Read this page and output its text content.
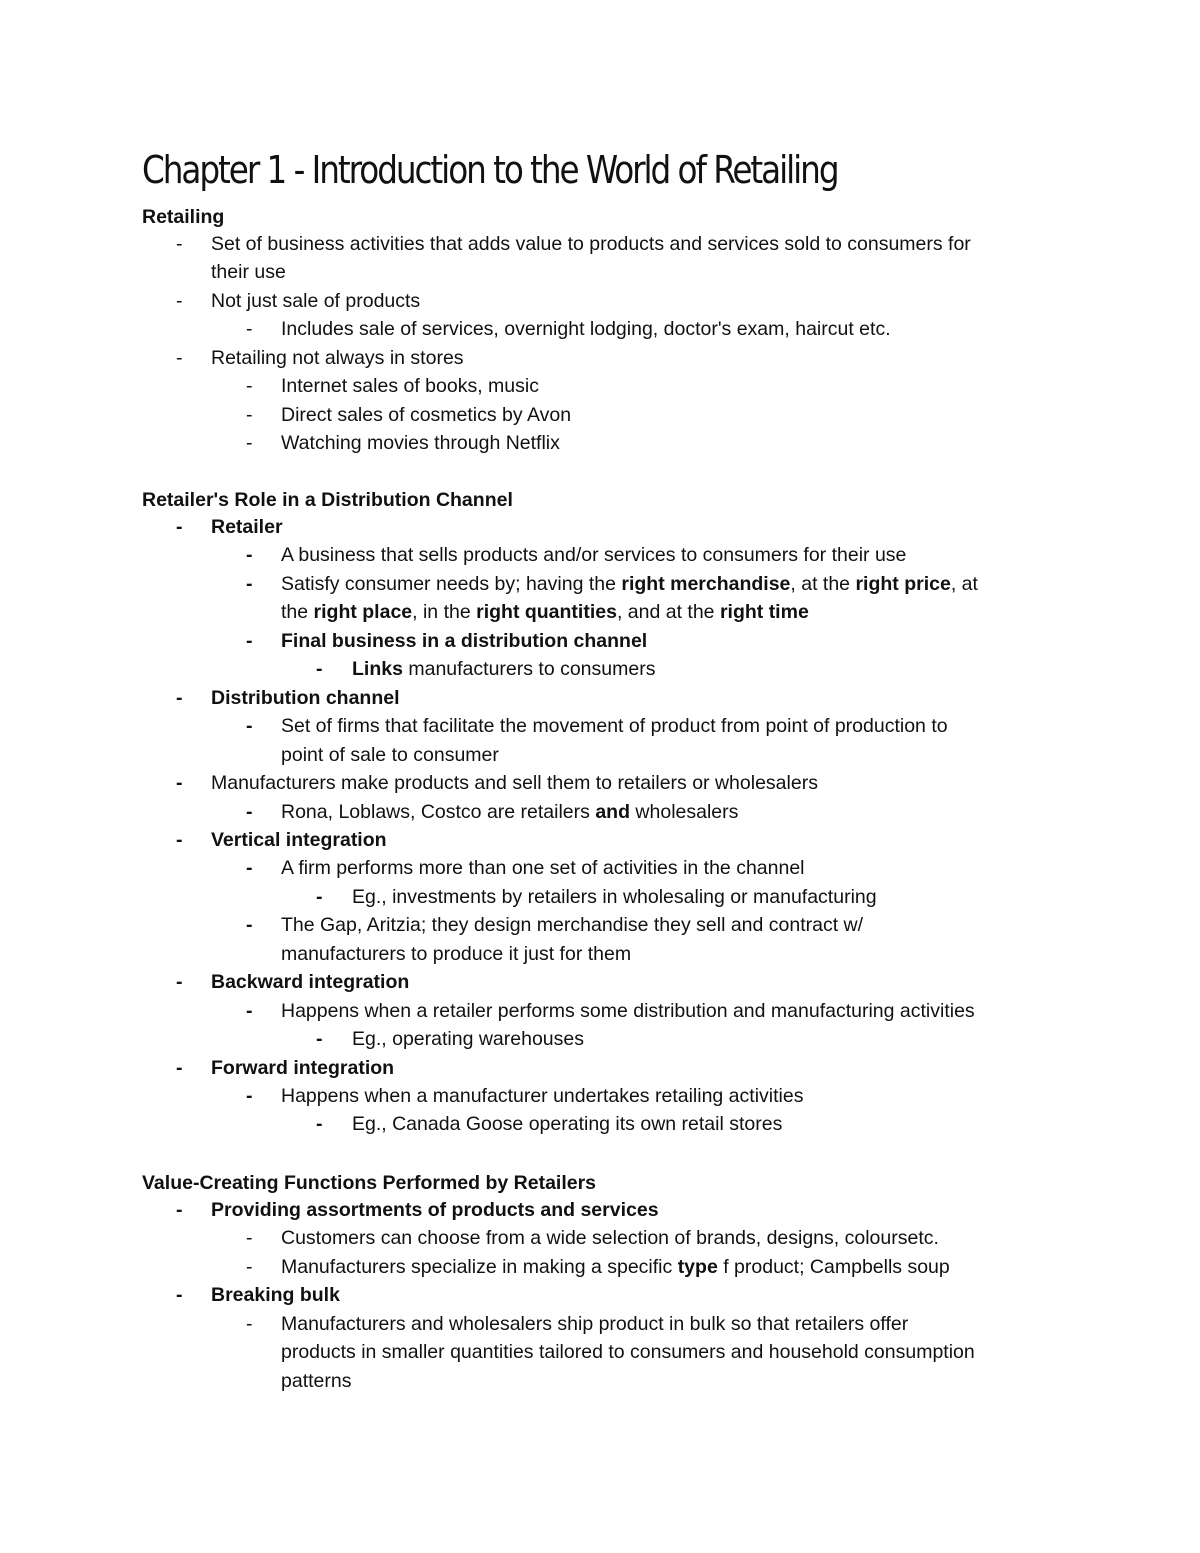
Chapter 1 - Introduction to the World of Retailing
Retailing
- Set of business activities that adds value to products and services sold to consumers for
their use
- Not just sale of products
- Includes sale of services, overnight lodging, doctor's exam, haircut etc.
- Retailing not always in stores
- Internet sales of books, music
- Direct sales of cosmetics by Avon
- Watching movies through Netflix
Retailer's Role in a Distribution Channel
- Retailer
- A business that sells products and/or services to consumers for their use
- Satisfy consumer needs by; having the right merchandise, at the right price, at
the right place, in the right quantities, and at the right time
- Final business in a distribution channel
- Links manufacturers to consumers
- Distribution channel
- Set of firms that facilitate the movement of product from point of production to
point of sale to consumer
- Manufacturers make products and sell them to retailers or wholesalers
- Rona, Loblaws, Costco are retailers and wholesalers
- Vertical integration
- A firm performs more than one set of activities in the channel
- Eg., investments by retailers in wholesaling or manufacturing
- The Gap, Aritzia; they design merchandise they sell and contract w/
manufacturers to produce it just for them
- Backward integration
- Happens when a retailer performs some distribution and manufacturing activities
- Eg., operating warehouses
- Forward integration
- Happens when a manufacturer undertakes retailing activities
- Eg., Canada Goose operating its own retail stores
Value-Creating Functions Performed by Retailers
- Providing assortments of products and services
- Customers can choose from a wide selection of brands, designs, coloursetc.
- Manufacturers specialize in making a specific type f product; Campbells soup
- Breaking bulk
- Manufacturers and wholesalers ship product in bulk so that retailers offer
products in smaller quantities tailored to consumers and household consumption
patterns
